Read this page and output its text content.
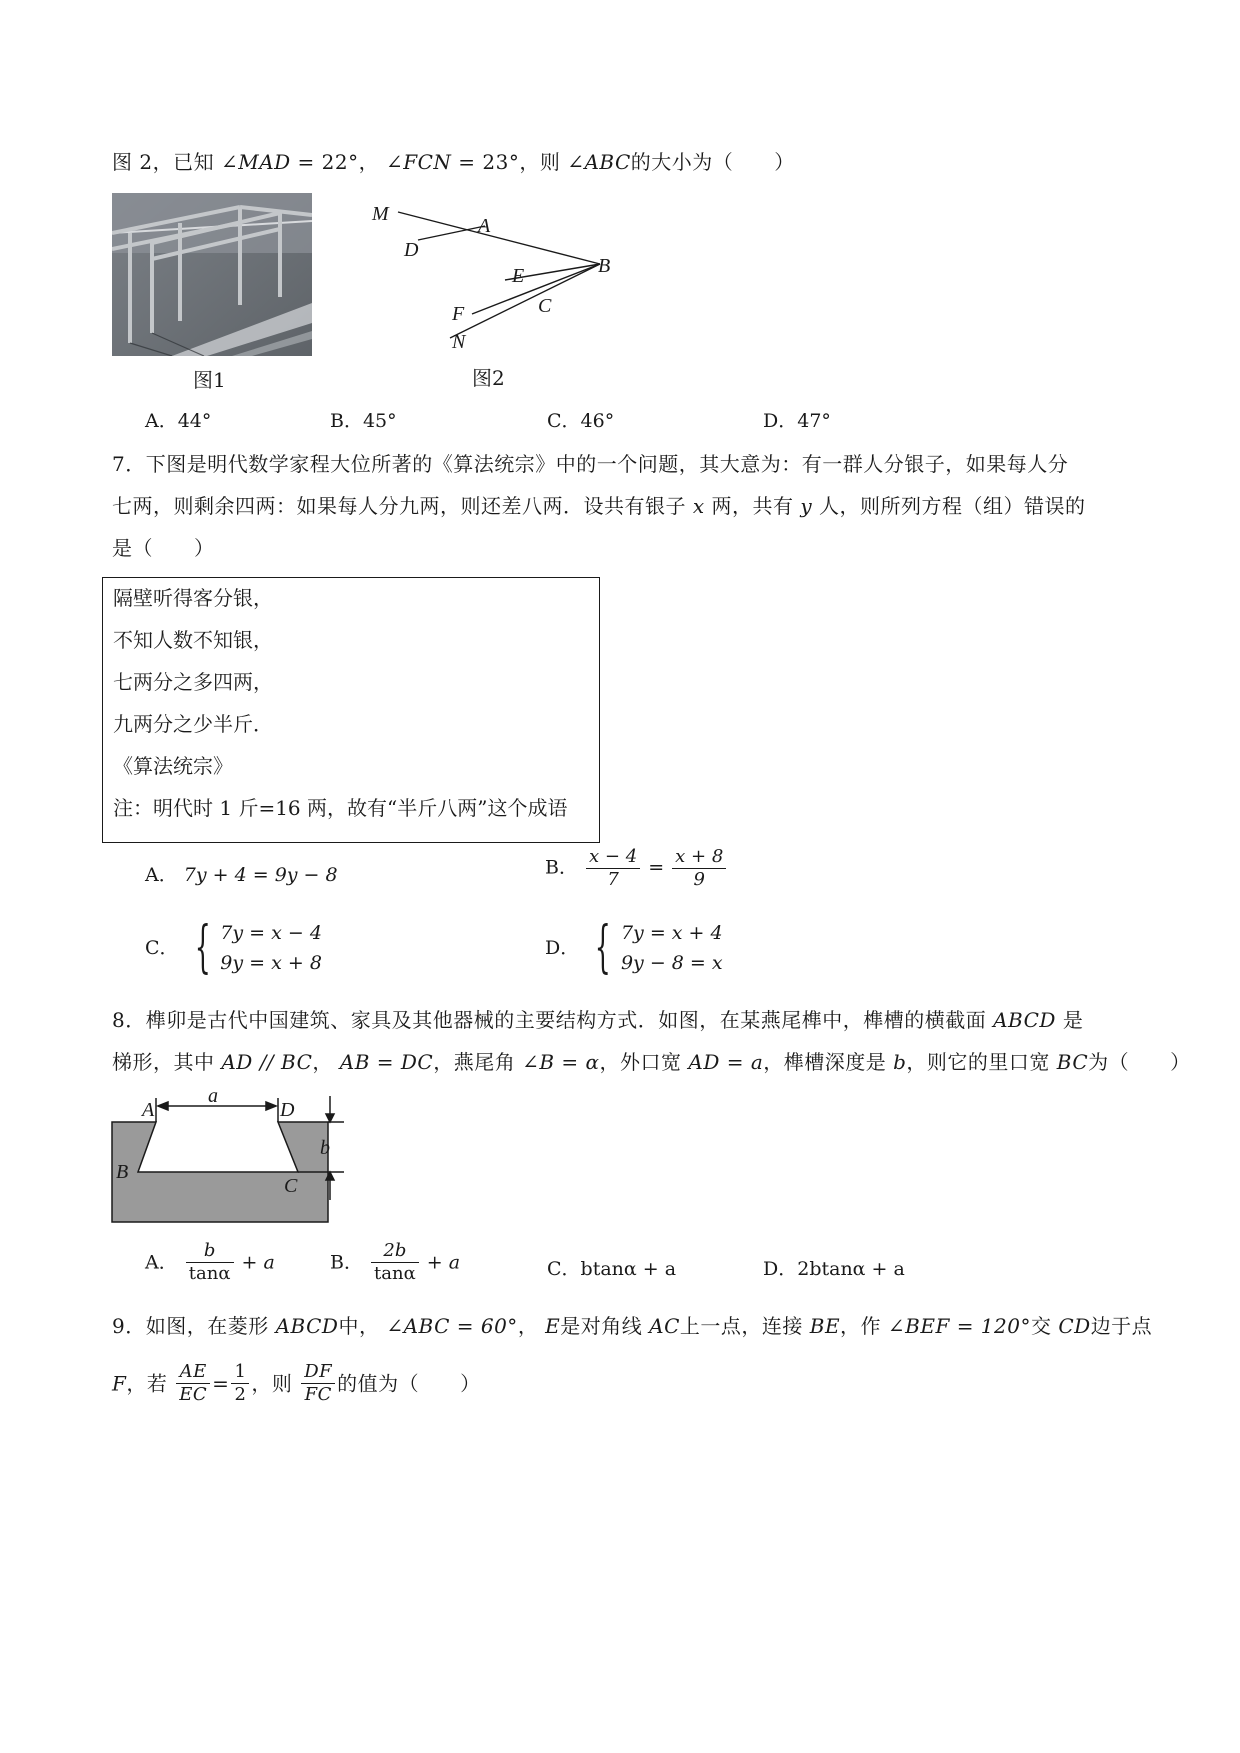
图 2，已知 ∠MAD = 22°， ∠FCN = 23°，则 ∠ABC的大小为（　　）
图1
M
D
A
B
E
C
F
N
图2
A．44°	B．45°	C．46°	D．47°
7．下图是明代数学家程大位所著的《算法统宗》中的一个问题，其大意为：有一群人分银子，如果每人分
七两，则剩余四两：如果每人分九两，则还差八两．设共有银子 x 两，共有 y 人，则所列方程（组）错误的
是（　　）
隔壁听得客分银，
不知人数不知银，
七两分之多四两，
九两分之少半斤．
《算法统宗》
注：明代时 1 斤=16 两，故有“半斤八两”这个成语
A． 7y + 4 = 9y − 8	B． $\frac{x - 4}{7} = \frac{x + 8}{9}$
C． { 7y = x − 4
9y = x + 8
D． { 7y = x + 4
9y − 8 = x
8．榫卯是古代中国建筑、家具及其他器械的主要结构方式．如图，在某燕尾榫中，榫槽的横截面 ABCD 是
梯形，其中 AD // BC， AB = DC，燕尾角 ∠B = α，外口宽 AD = a，榫槽深度是 b，则它的里口宽 BC为（　　）
A
a
D
b
B
C
A． $\frac{b}{\tan\alpha} + a$	B． $\frac{2b}{\tan\alpha} + a$	C．btanα + a	D．2btanα + a
9．如图，在菱形 ABCD中， ∠ABC = 60°， E是对角线 AC上一点，连接 BE，作 ∠BEF = 120°交 CD边于点
F，若 $\frac{AE}{EC} = \frac{1}{2}$ ，则 $\frac{DF}{FC}$ 的值为（　　）
